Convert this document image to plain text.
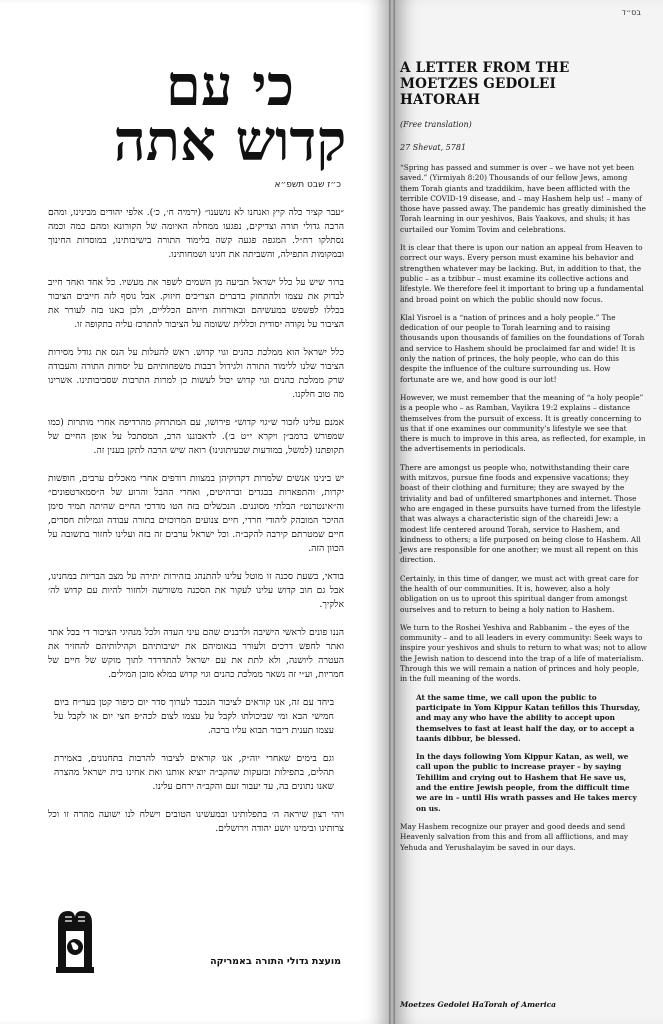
כי עם
קדוש אתה
כ״ז שבט תשפ״א

״עבר קציר כלה קיץ ואנחנו לא נושענו״ (ירמיה ח׳, כ׳). אלפי יהודים מבינינו, ומהם הרבה גדולי תורה וצדיקים, נפגעו ממחלה האיומה של הקורונא ומהם כמה וכמה נסתלקו רח״ל. המגפה פגעה קשה בלימוד התורה בישיבותינו, במוסדות החינוך ובמקומות התפילה, והשביתה את חגינו ושמחותינו.

ברור שיש על כלל ישראל תביעה מן השמים לשפר את מעשיו. כל אחד ואחד חייב לבדוק את עצמו ולהתחזק בדברים הצריכים חיזוק. אבל נוסף לזה חייבים הציבור בכללו לפשפש במעשיהם ובאורחות חייהם הכלליים, ולכן באנו בזה לעורר את הציבור על נקודה יסודית וכללית ששומה על הציבור להתרכז עליה בתקופה זו.

כלל ישראל הוא ממלכת כהנים וגוי קדוש. ראש להעלות על הנס את גודל מסירות הציבור שלנו ללימוד התורה ולגידול רבבות משפחותיהם על יסודות התורה והעבודה שרק ממלכת כהנים וגוי קדוש יכול לעשות כן למרות התרבות שסביבותינו. אשרינו מה טוב חלקנו.

אמנם עלינו לזכור ש״גוי קדוש״ פירושו, עם המתרחק מהרדיפה אחרי מותרות (כמו שמפורש ברמב״ן ויקרא י״ט ב׳). לדאבוננו הרב, המסתכל על אופן החיים של תקופתנו (למשל, במודעות שבעיתונינו) רואה שיש הרבה לתקן בענין זה.

יש בינינו אנשים שלמרות דקדוקיהן במצוות רודפים אחרי מאכלים ערבים, חופשות יקרות, והתפארות בבגדים וברהיטים, ואחרי ההבל והרוע של ה״סמארטפונים״ וה״אינטרנט״ הבלתי מסוננים. הנכשלים בזה הטו מדרכי החיים שהיתה תמיד סימן ההיכר המובהק ליהודי חרדי, חיים צנועים המרוכזים בתורה עבודה וגמילות חסדים, חיים שמטרתם קירבה להקב״ה. וכל ישראל ערבים זה בזה ועלינו לחזור בתשובה על הכוון הזה.

בודאי, בשעת סכנה זו מוטל עלינו להתנהג בזהירות יתירה על מצב הבריות במחנינו, אבל גם חוב קדוש עלינו לעקור את הסכנה משורשה ולחזור להיות עם קדוש לה׳ אלקיך.

הננו פונים לראשי הישיבה ולרבנים שהם עיני העדה ולכל מנהיגי הציבור די בכל אתר ואתר לחפש דרכים ולעורר בנאומיהם את ישיבותיהם וקהילותיהם להחזיר את העטרה ליושנה, ולא לתת את עם ישראל להתדרדר לתוך מוקש של חיים של חמריות, וע״י זה נשאר ממלכת כהנים וגוי קדוש במלא מובן המילים.

ביחד עם זה, אנו קוראים לציבור הנכבד לערוך סדר יום כיפור קטן בער״ח ביום חמישי הבא ומי שביכולתו לקבל על עצמו לצום לכה״פ חצי יום או לקבל על עצמו תענית דיבור תבוא עליו ברכה.

וגם בימים שאחרי יוה״ק, אנו קוראים לציבור להרבות בתחנונים, באמירת תהלים, בתפילות ובזעקות שהקב״ה יוציא אותנו ואת אחינו בית ישראל מהצרה שאנו נתונים בה, עד יעבור זעם והקב״ה ירחם עלינו.

ויהי רצון שיראה ה׳ בתפלותינו ובמעשינו הטובים וישלח לנו ישועה מהרה זו וכל צרותינו ובימינו יושע יהודה וירושלים.

מועצת גדולי התורה באמריקה
בס״ד
A LETTER FROM THE MOETZES GEDOLEI HATORAH
(Free translation)
27 Shevat, 5781

“Spring has passed and summer is over – we have not yet been saved.” (Yirmiyah 8:20) Thousands of our fellow Jews, among them Torah giants and tzaddikim, have been afflicted with the terrible COVID-19 disease, and – may Hashem help us! – many of those have passed away. The pandemic has greatly diminished the Torah learning in our yeshivos, Bais Yaakovs, and shuls; it has curtailed our Yomim Tovim and celebrations.

It is clear that there is upon our nation an appeal from Heaven to correct our ways. Every person must examine his behavior and strengthen whatever may be lacking. But, in addition to that, the public – as a tzibbur – must examine its collective actions and lifestyle. We therefore feel it important to bring up a fundamental and broad point on which the public should now focus.

Klal Yisroel is a “nation of princes and a holy people.” The dedication of our people to Torah learning and to raising thousands upon thousands of families on the foundations of Torah and service to Hashem should be proclaimed far and wide! It is only the nation of princes, the holy people, who can do this despite the influence of the culture surrounding us. How fortunate are we, and how good is our lot!

However, we must remember that the meaning of “a holy people” is a people who – as Ramban, Vayikra 19:2 explains – distance themselves from the pursuit of excess. It is greatly concerning to us that if one examines our community’s lifestyle we see that there is much to improve in this area, as reflected, for example, in the advertisements in periodicals.

There are amongst us people who, notwithstanding their care with mitzvos, pursue fine foods and expensive vacations; they boast of their clothing and furniture; they are swayed by the triviality and bad of unfiltered smartphones and internet. Those who are engaged in these pursuits have turned from the lifestyle that was always a characteristic sign of the chareidi Jew: a modest life centered around Torah, service to Hashem, and kindness to others; a life purposed on being close to Hashem. All Jews are responsible for one another; we must all repent on this direction.

Certainly, in this time of danger, we must act with great care for the health of our communities. It is, however, also a holy obligation on us to uproot this spiritual danger from amongst ourselves and to return to being a holy nation to Hashem.

We turn to the Roshei Yeshiva and Rabbanim – the eyes of the community – and to all leaders in every community: Seek ways to inspire your yeshivos and shuls to return to what was; not to allow the Jewish nation to descend into the trap of a life of materialism. Through this we will remain a nation of princes and holy people, in the full meaning of the words.

At the same time, we call upon the public to participate in Yom Kippur Katan tefillos this Thursday, and may any who have the ability to accept upon themselves to fast at least half the day, or to accept a taanis dibbur, be blessed.

In the days following Yom Kippur Katan, as well, we call upon the public to increase prayer – by saying Tehillim and crying out to Hashem that He save us, and the entire Jewish people, from the difficult time we are in – until His wrath passes and He takes mercy on us.

May Hashem recognize our prayer and good deeds and send Heavenly salvation from this and from all afflictions, and may Yehuda and Yerushalayim be saved in our days.

Moetzes Gedolei HaTorah of America
